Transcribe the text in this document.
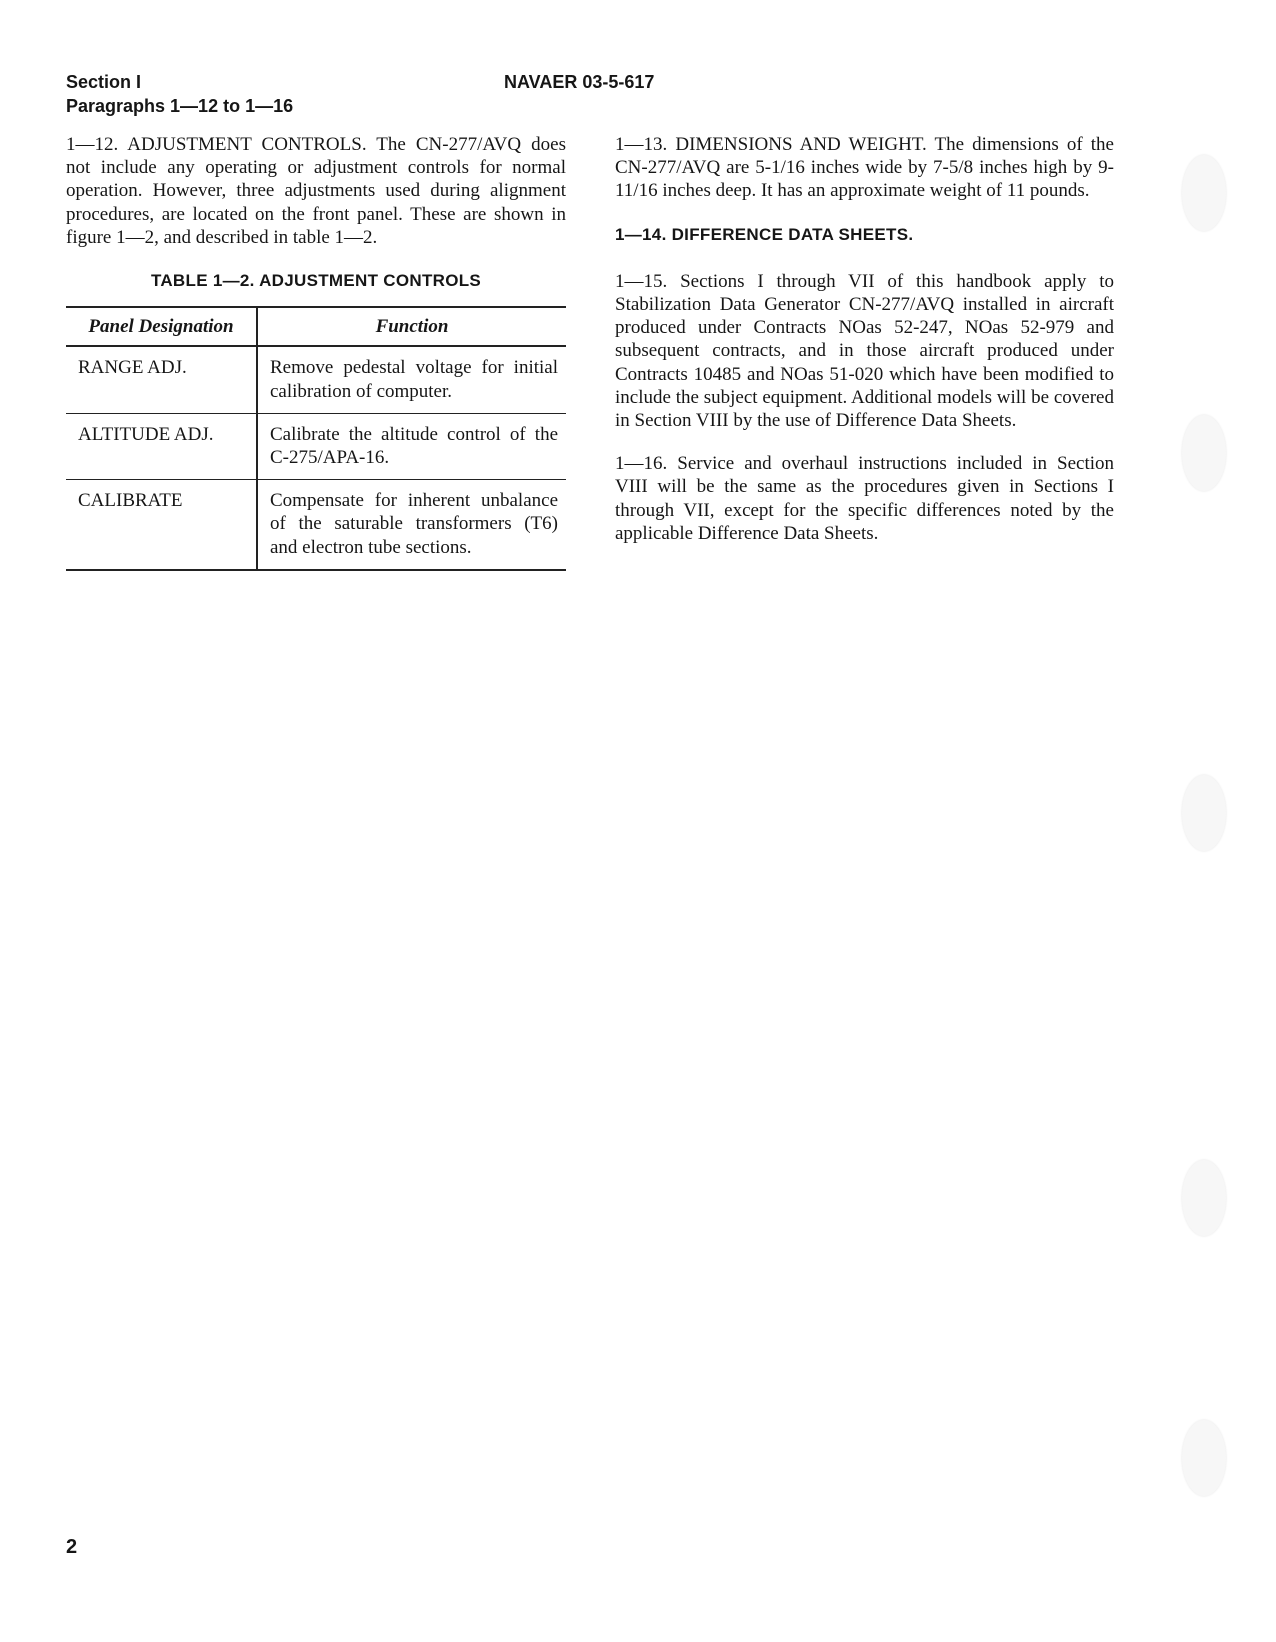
Section I
Paragraphs 1—12 to 1—16
NAVAER 03-5-617

1—12. ADJUSTMENT CONTROLS. The CN-277/AVQ does not include any operating or adjustment controls for normal operation. However, three adjustments used during alignment procedures, are located on the front panel. These are shown in figure 1—2, and described in table 1—2.

TABLE 1—2. ADJUSTMENT CONTROLS
Panel Designation	Function
RANGE ADJ.	Remove pedestal voltage for initial calibration of computer.
ALTITUDE ADJ.	Calibrate the altitude control of the C-275/APA-16.
CALIBRATE	Compensate for inherent unbalance of the saturable transformers (T6) and electron tube sections.

1—13. DIMENSIONS AND WEIGHT. The dimensions of the CN-277/AVQ are 5-1/16 inches wide by 7-5/8 inches high by 9-11/16 inches deep. It has an approximate weight of 11 pounds.

1—14. DIFFERENCE DATA SHEETS.

1—15. Sections I through VII of this handbook apply to Stabilization Data Generator CN-277/AVQ installed in aircraft produced under Contracts NOas 52-247, NOas 52-979 and subsequent contracts, and in those aircraft produced under Contracts 10485 and NOas 51-020 which have been modified to include the subject equipment. Additional models will be covered in Section VIII by the use of Difference Data Sheets.

1—16. Service and overhaul instructions included in Section VIII will be the same as the procedures given in Sections I through VII, except for the specific differences noted by the applicable Difference Data Sheets.

2
